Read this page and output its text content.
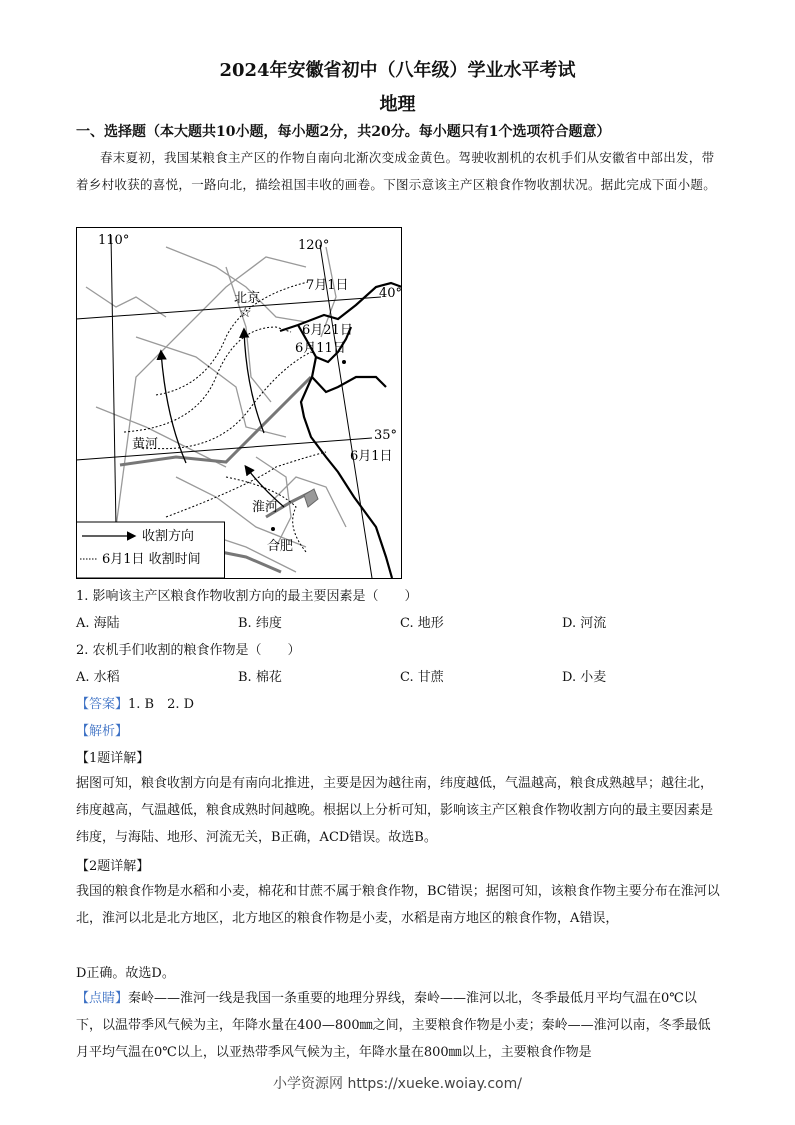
2024年安徽省初中（八年级）学业水平考试
地理
一、选择题（本大题共10小题，每小题2分，共20分。每小题只有1个选项符合题意）
春末夏初，我国某粮食主产区的作物自南向北渐次变成金黄色。驾驶收割机的农机手们从安徽省中部出发，带着乡村收获的喜悦，一路向北，描绘祖国丰收的画卷。下图示意该主产区粮食作物收割状况。据此完成下面小题。
☆
110°	120°
40°
35°
北京
7月1日
6月21日
6月11日
6月1日
黄河
淮河
合肥
收割方向
6月1日 收割时间
1. 影响该主产区粮食作物收割方向的最主要因素是（　　）
A. 海陆	B. 纬度	C. 地形	D. 河流
2. 农机手们收割的粮食作物是（　　）
A. 水稻	B. 棉花	C. 甘蔗	D. 小麦
【答案】1. B　2. D
【解析】
【1题详解】
据图可知，粮食收割方向是有南向北推进，主要是因为越往南，纬度越低，气温越高，粮食成熟越早；越往北，纬度越高，气温越低，粮食成熟时间越晚。根据以上分析可知，影响该主产区粮食作物收割方向的最主要因素是纬度，与海陆、地形、河流无关，B正确，ACD错误。故选B。
【2题详解】
我国的粮食作物是水稻和小麦，棉花和甘蔗不属于粮食作物，BC错误；据图可知，该粮食作物主要分布在淮河以北，淮河以北是北方地区，北方地区的粮食作物是小麦，水稻是南方地区的粮食作物，A错误，
D正确。故选D。
【点睛】秦岭——淮河一线是我国一条重要的地理分界线，秦岭——淮河以北，冬季最低月平均气温在0℃以下，以温带季风气候为主，年降水量在400—800㎜之间，主要粮食作物是小麦；秦岭——淮河以南，冬季最低月平均气温在0℃以上，以亚热带季风气候为主，年降水量在800㎜以上，主要粮食作物是
小学资源网 https://xueke.woiay.com/
